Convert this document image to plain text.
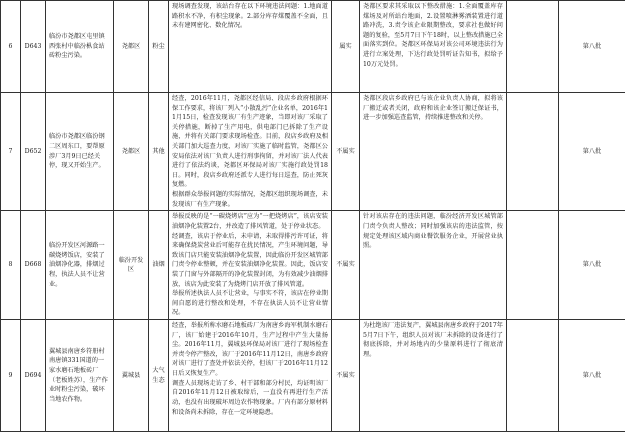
6	D643	临汾市尧都区屯里镇西张村中临汾枞食站砖粉尘污染。	尧都区	粉尘	现场调查发现，该站台存在以下环境违法问题：1.地面道路积水不净，有积尘现象。2.部分库存煤覆盖不全面，且未有建网密化、数化情况。	属实	尧都区要求其采取以下整改措施：1.全面覆盖库存煤场及对所站台地面，2.设置喷淋雾洒装置进行道路冲洗，3.责令该企业限期整改，要求社也做好问题的复验，至5月7日下午18时，以上整改措施已全面落实到位。尧都区环保局对该公司环境违法行为进行立案处理，下达行政处罚听证告知书，拟给予10万元处罚。		第八批
7	D652	临汾市尧都区临汾钢二区周东口，要帮原涉厂3月9日已经关停，现又开始生产。	尧都区	其他	经查，2016年11月，尧都区经信局、段店乡政府根据环保工作要求，将该厂列入“小散乱污”企业名单，2016年11月15日，检查发现该厂有生产迹象，当即对该厂采取了关停措施，断掉了生产用电，供电部门已拆除了生产设施，并将有关部门要求现场检查。目前，段店乡政府及相关部门加大巡查力度，对该厂实施了临时监管，尧都区公安局依法对该厂负责人进行刑事拘留，并对该厂法人代表进行了依法约谈，尧都区环保局对该厂实施行政处罚18日。同时，段店乡政府还派专人进行每日巡查，防止死灰复燃。

根据群众举报问题的实际情况，尧都区组织现场调查，未发现该厂有生产现象。	不属实	尧都区段店乡政府已与该企业负责人协商，拟将该厂搬迁或者关闭，政府和该企业签订搬迁保证书，进一步加强巡查监管，持续推进整改和关停。		第八批
8	D668	临汾开发区河源路一碳烧烤饭店，安装了油烟净化器，排烟过程，执法人员不让营业。	临汾开发区	油烟	举报反映的是“一碳烧烤店”应为“一把烧烤店”，该店安装油烟净化装置2台，并改造了排风管道，处于停业状态。

经调查，该店于停业后，未申请，未取得排污许可证，将来确保烧炭营业后可能存在扰民情况，产生环境问题，导致该门店只能安装油烟净化装置，因此临汾开发区城管部门责令停业整顿，并在安装油烟净化装置。因此，饭店安装了门窗与外部隔开的净化装置封闭，为有效减少油烟排放，该店为此安装了为烧烤门店开放了排风管道。

举报所述执法人员不让营业，与事实不符，该店在停业期间自愿的进行整改和处理，不存在执法人员不让营业情况。	不属实	针对该店存在的违法问题，临汾经济开发区城管部门责令负责人整改；同时加强该店的违法监管，按规定处理该区域内商业餐饮服务企业，开展营业执照。		第八批
9	D694	翼城县南唐乡符册村南唐镇331国道的一家水磨石地板砖厂（老板姓苏），生产作业时粉尘污染，破坏当地农作物。	翼城县	大气生态	经查，举报所称水磨石地板砖厂为南唐乡海军机制水磨石厂，该厂始建于2016年10月，生产过程中产生大量扬尘。2016年11月，翼城县环保局对该厂进行了现场检查并责令停产整改，该厂于2016年11月12日，南唐乡政府对该厂进行了查处并依法关停，但该厂于2016年11月12日后又恢复生产。

调查人员现场走访了乡、村干部和部分村民，均证明该厂自2016年11月12日被取缔后，一直没有再进行生产活动，也没有出现破坏周边农作物现象。厂内有部分原材料和设备尚未拆除，存在一定环境隐患。	不属实	为杜绝该厂违法复产，翼城县南唐乡政府于2017年5月7日下午，组织人员对该厂未拆除的设备进行了彻底拆除，并对场地内的少量原料进行了彻底清理。		第八批
